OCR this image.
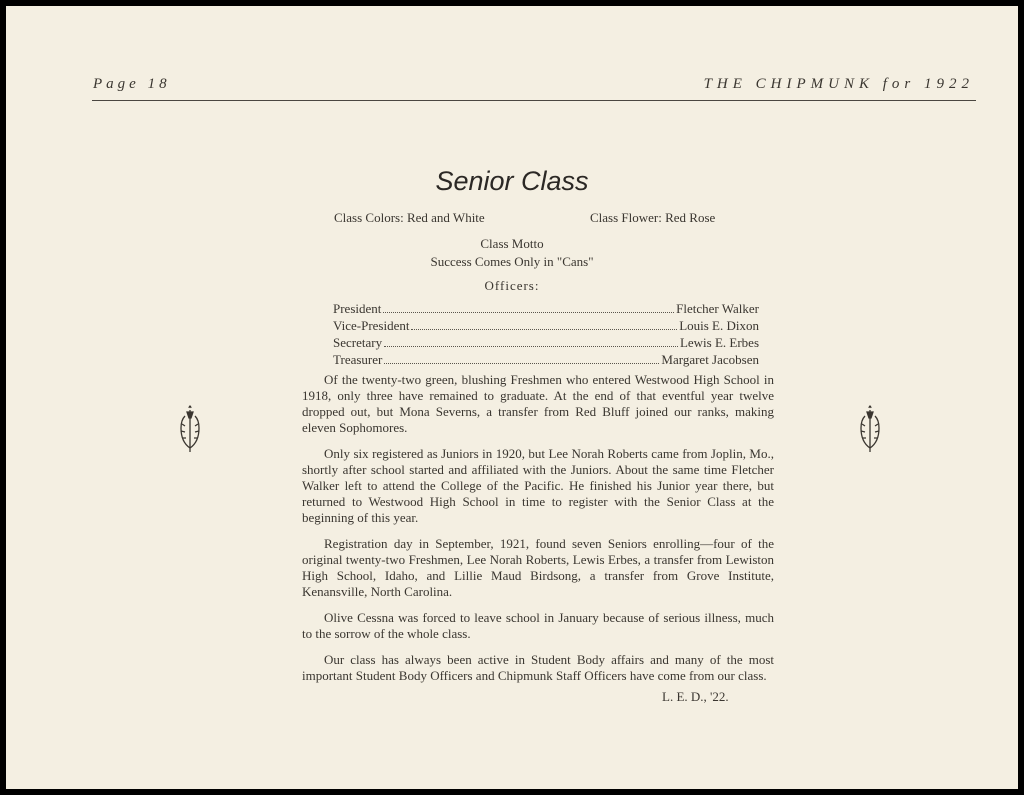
Page 18	THE CHIPMUNK for 1922
Senior Class
Class Colors: Red and White	Class Flower: Red Rose
Class Motto
Success Comes Only in "Cans"
Officers:
President	Fletcher Walker
Vice-President	Louis E. Dixon
Secretary	Lewis E. Erbes
Treasurer	Margaret Jacobsen

Of the twenty-two green, blushing Freshmen who entered Westwood High School in 1918, only three have remained to graduate. At the end of that eventful year twelve dropped out, but Mona Severns, a transfer from Red Bluff joined our ranks, making eleven Sophomores.

Only six registered as Juniors in 1920, but Lee Norah Roberts came from Joplin, Mo., shortly after school started and affiliated with the Juniors. About the same time Fletcher Walker left to attend the College of the Pacific. He finished his Junior year there, but returned to Westwood High School in time to register with the Senior Class at the beginning of this year.

Registration day in September, 1921, found seven Seniors enrolling—four of the original twenty-two Freshmen, Lee Norah Roberts, Lewis Erbes, a transfer from Lewiston High School, Idaho, and Lillie Maud Birdsong, a transfer from Grove Institute, Kenansville, North Carolina.

Olive Cessna was forced to leave school in January because of serious illness, much to the sorrow of the whole class.

Our class has always been active in Student Body affairs and many of the most important Student Body Officers and Chipmunk Staff Officers have come from our class.

L. E. D., '22.
